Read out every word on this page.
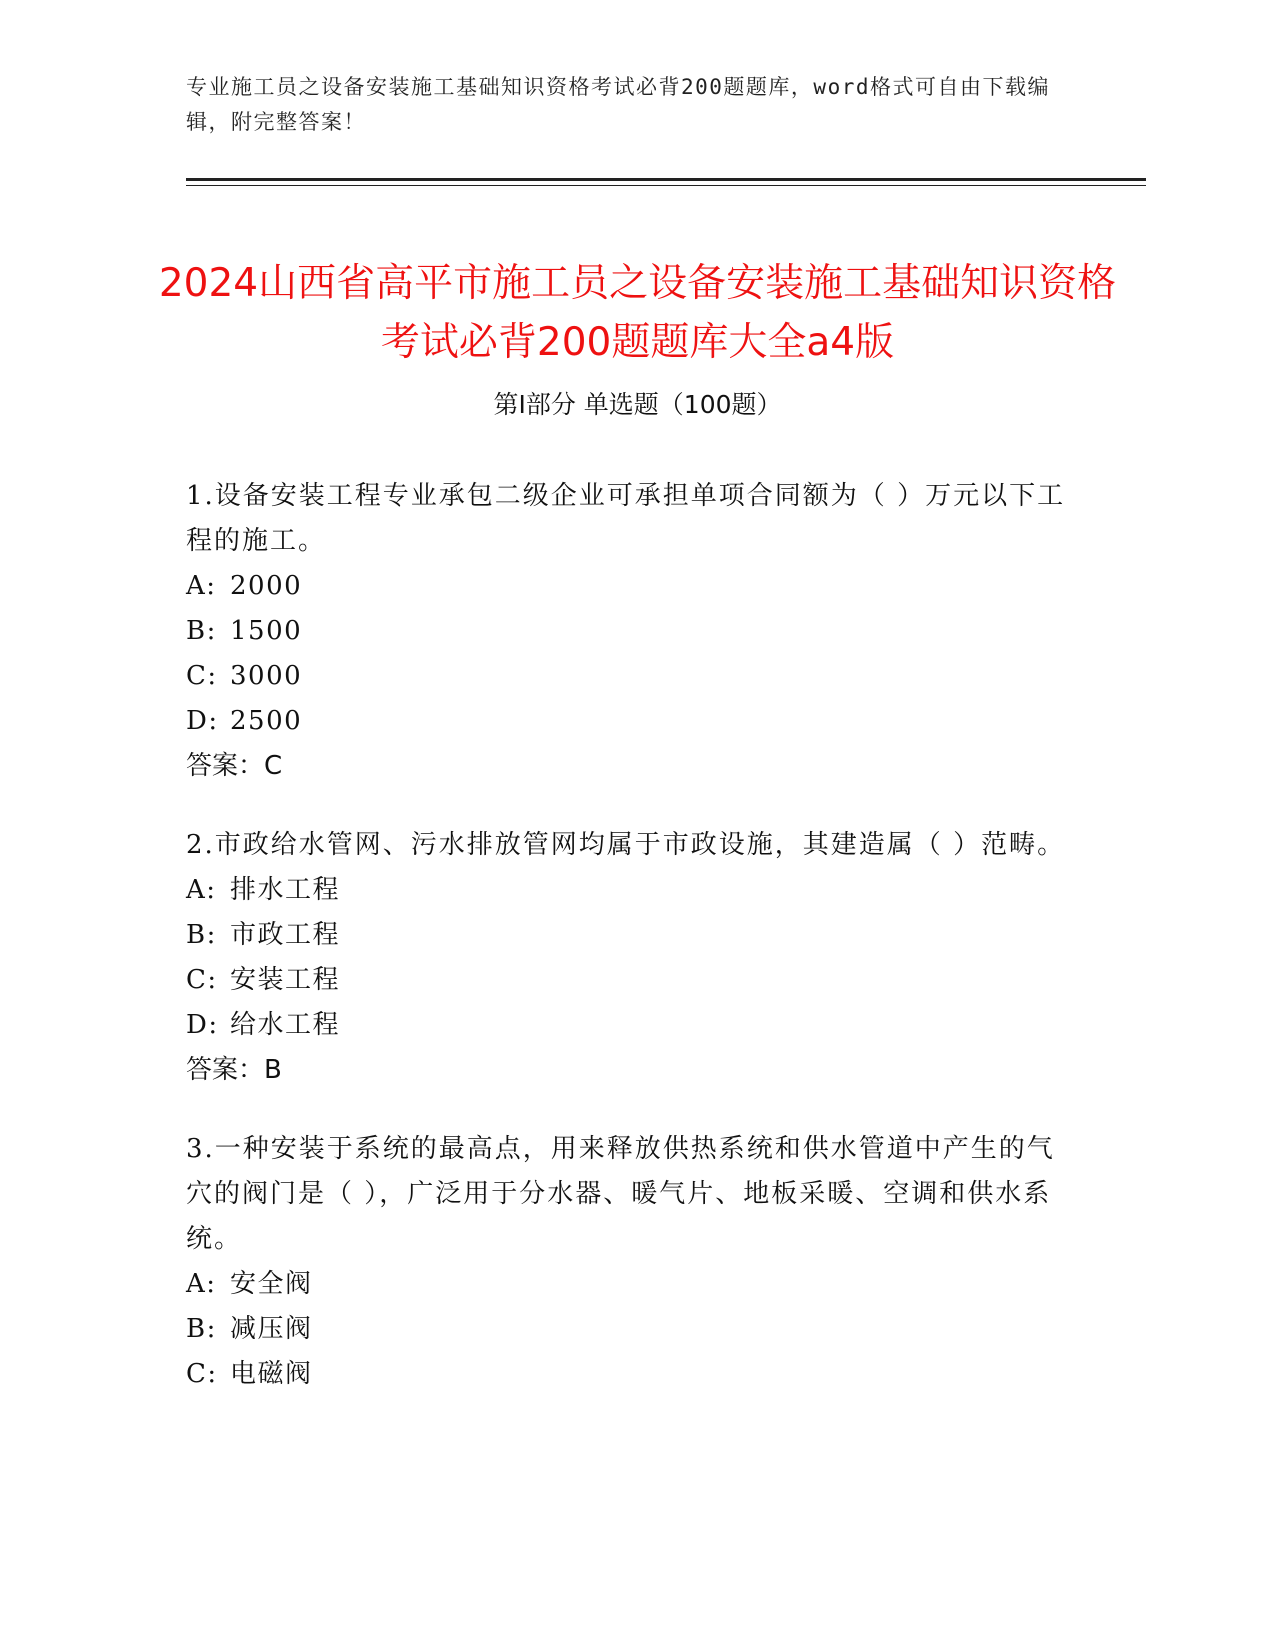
专业施工员之设备安装施工基础知识资格考试必背200题题库，word格式可自由下载编辑，附完整答案！
2024山西省高平市施工员之设备安装施工基础知识资格考试必背200题题库大全a4版
第Ⅰ部分 单选题（100题）

1.设备安装工程专业承包二级企业可承担单项合同额为（ ）万元以下工程的施工。

A: 2000

B: 1500

C: 3000

D: 2500

答案：C

2.市政给水管网、污水排放管网均属于市政设施，其建造属（ ）范畴。

A: 排水工程

B: 市政工程

C: 安装工程

D: 给水工程

答案：B

3.一种安装于系统的最高点，用来释放供热系统和供水管道中产生的气穴的阀门是（ ），广泛用于分水器、暖气片、地板采暖、空调和供水系统。

A: 安全阀

B: 减压阀

C: 电磁阀
